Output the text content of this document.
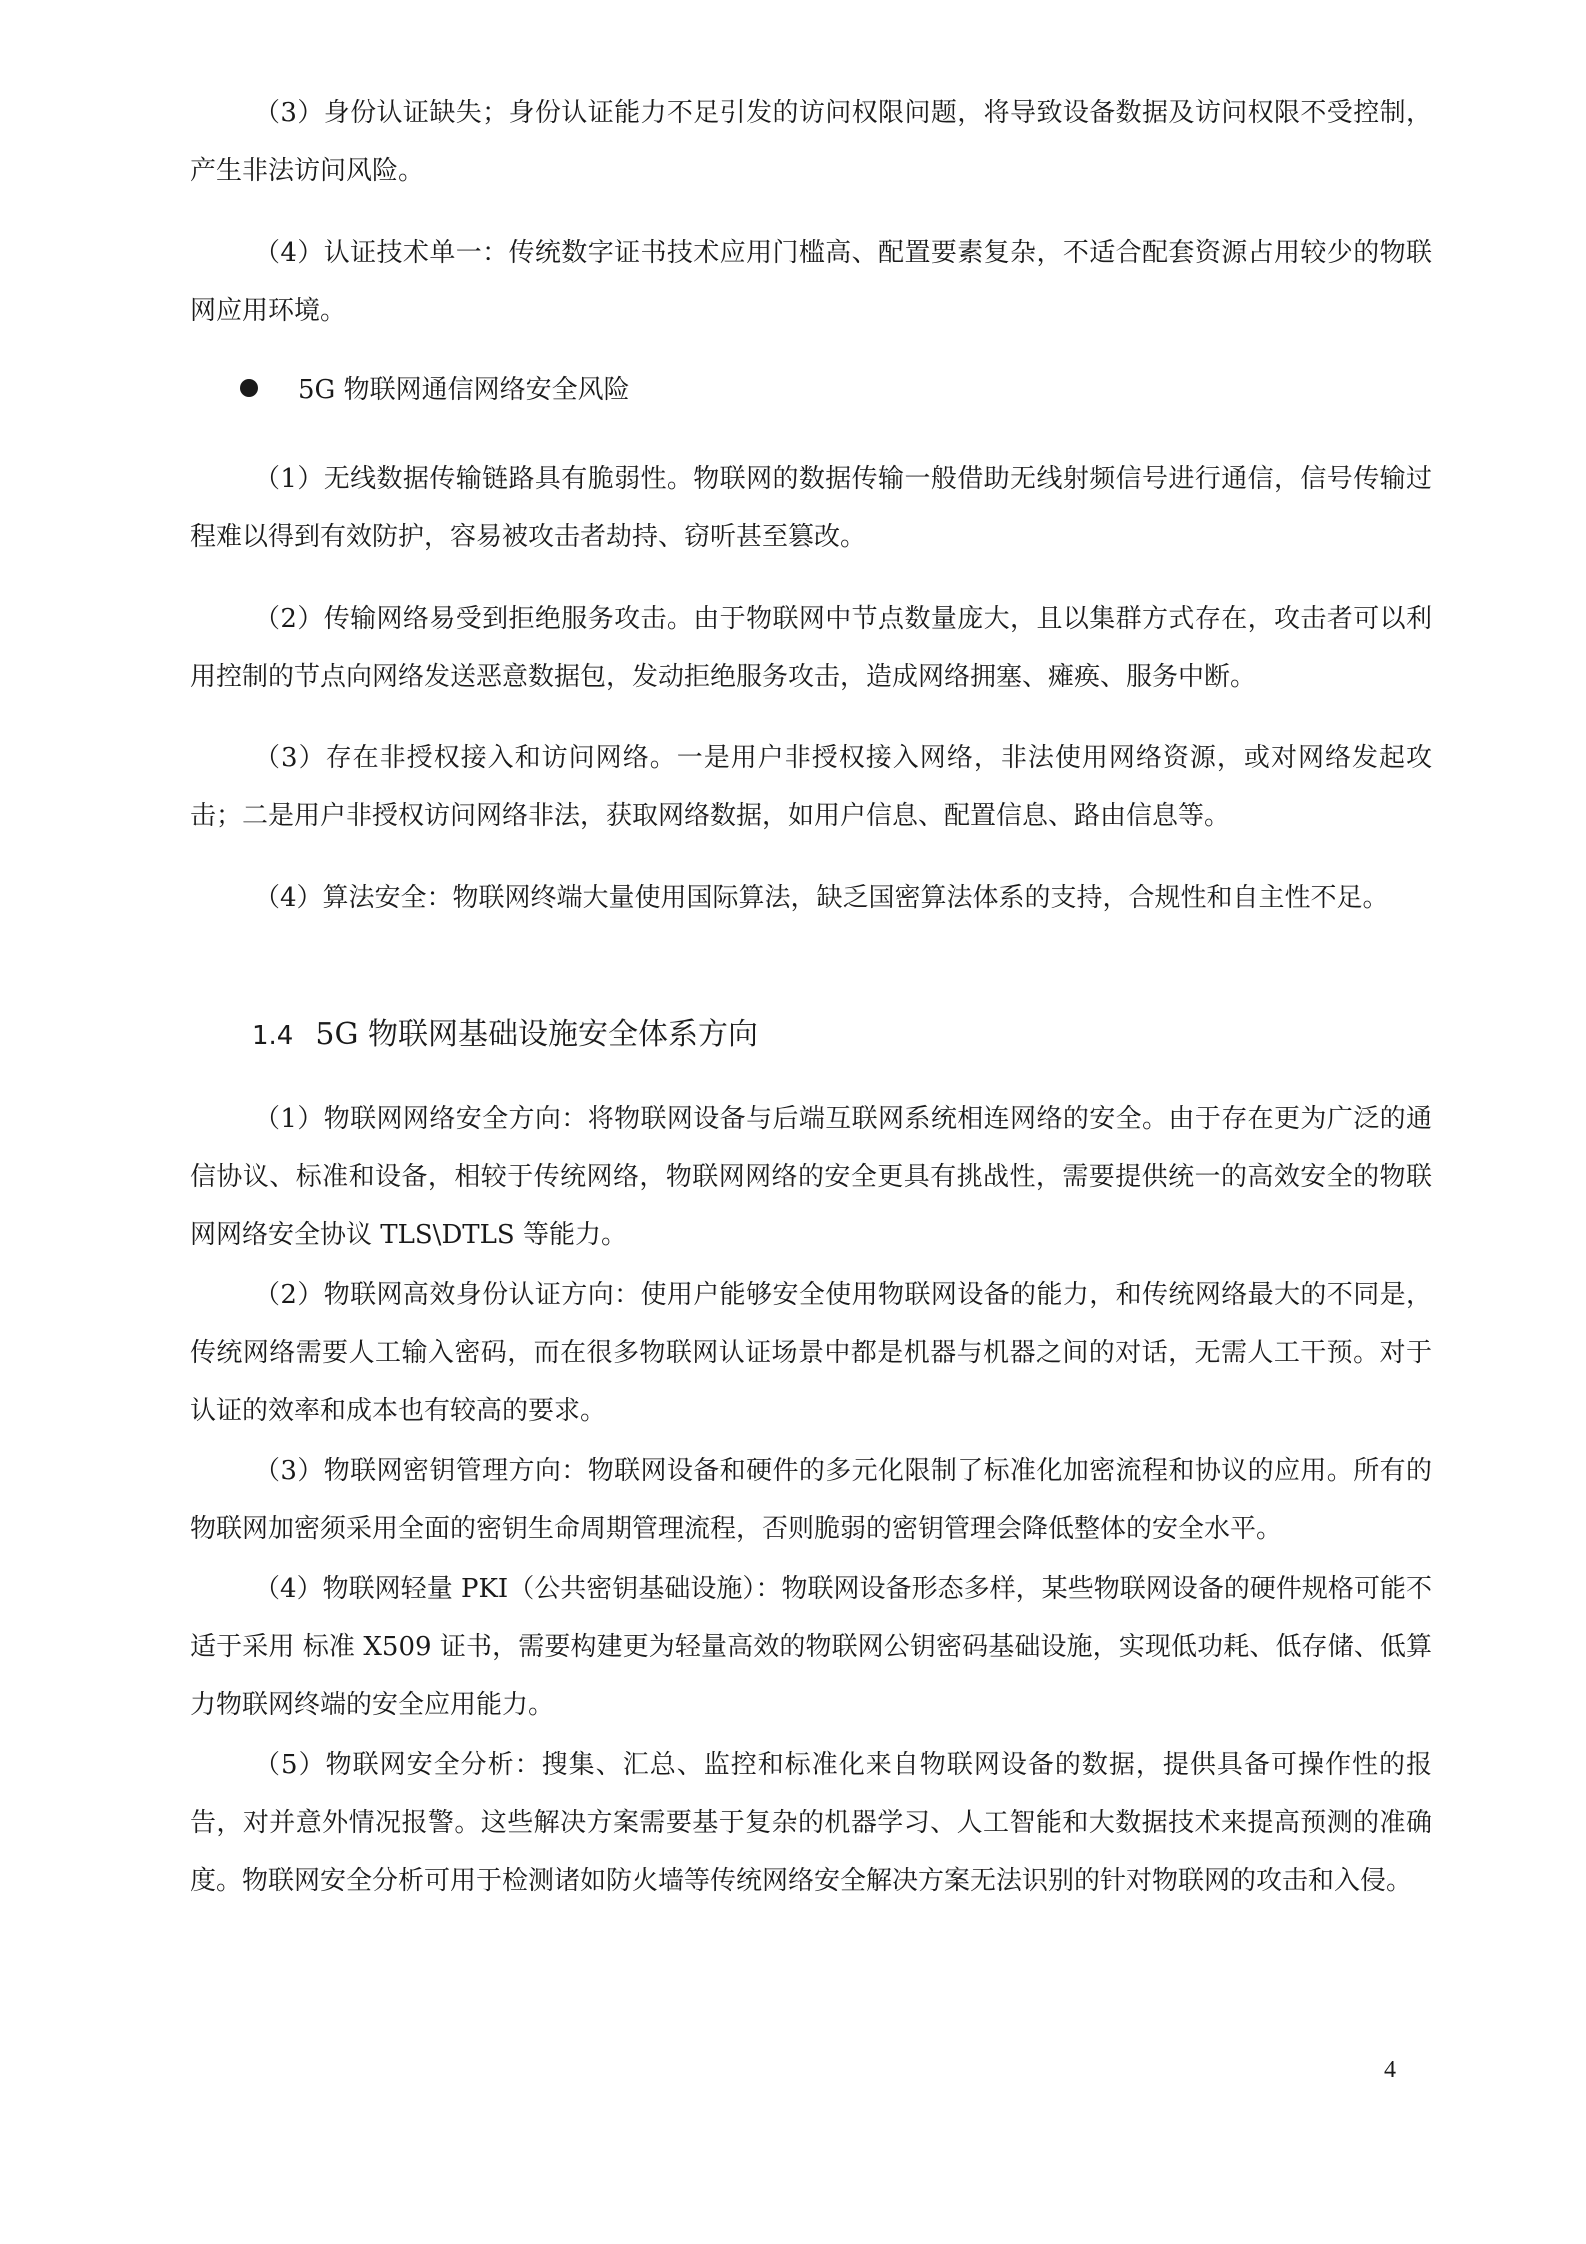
（3）身份认证缺失；身份认证能力不足引发的访问权限问题，将导致设备数据及访问权限不受控制，产生非法访问风险。

（4）认证技术单一：传统数字证书技术应用门槛高、配置要素复杂，不适合配套资源占用较少的物联网应用环境。

5G 物联网通信网络安全风险

（1）无线数据传输链路具有脆弱性。物联网的数据传输一般借助无线射频信号进行通信，信号传输过程难以得到有效防护，容易被攻击者劫持、窃听甚至篡改。

（2）传输网络易受到拒绝服务攻击。由于物联网中节点数量庞大，且以集群方式存在，攻击者可以利用控制的节点向网络发送恶意数据包，发动拒绝服务攻击，造成网络拥塞、瘫痪、服务中断。

（3）存在非授权接入和访问网络。一是用户非授权接入网络，非法使用网络资源，或对网络发起攻击；二是用户非授权访问网络非法，获取网络数据，如用户信息、配置信息、路由信息等。

（4）算法安全：物联网终端大量使用国际算法，缺乏国密算法体系的支持，合规性和自主性不足。

1.4 5G 物联网基础设施安全体系方向

（1）物联网网络安全方向：将物联网设备与后端互联网系统相连网络的安全。由于存在更为广泛的通信协议、标准和设备，相较于传统网络，物联网网络的安全更具有挑战性，需要提供统一的高效安全的物联网网络安全协议 TLS\DTLS 等能力。

（2）物联网高效身份认证方向：使用户能够安全使用物联网设备的能力，和传统网络最大的不同是，传统网络需要人工输入密码，而在很多物联网认证场景中都是机器与机器之间的对话，无需人工干预。对于认证的效率和成本也有较高的要求。

（3）物联网密钥管理方向：物联网设备和硬件的多元化限制了标准化加密流程和协议的应用。所有的物联网加密须采用全面的密钥生命周期管理流程，否则脆弱的密钥管理会降低整体的安全水平。

（4）物联网轻量 PKI（公共密钥基础设施）：物联网设备形态多样，某些物联网设备的硬件规格可能不适于采用 标准 X509 证书，需要构建更为轻量高效的物联网公钥密码基础设施，实现低功耗、低存储、低算力物联网终端的安全应用能力。

（5）物联网安全分析：搜集、汇总、监控和标准化来自物联网设备的数据，提供具备可操作性的报告，对并意外情况报警。这些解决方案需要基于复杂的机器学习、人工智能和大数据技术来提高预测的准确度。物联网安全分析可用于检测诸如防火墙等传统网络安全解决方案无法识别的针对物联网的攻击和入侵。

4
